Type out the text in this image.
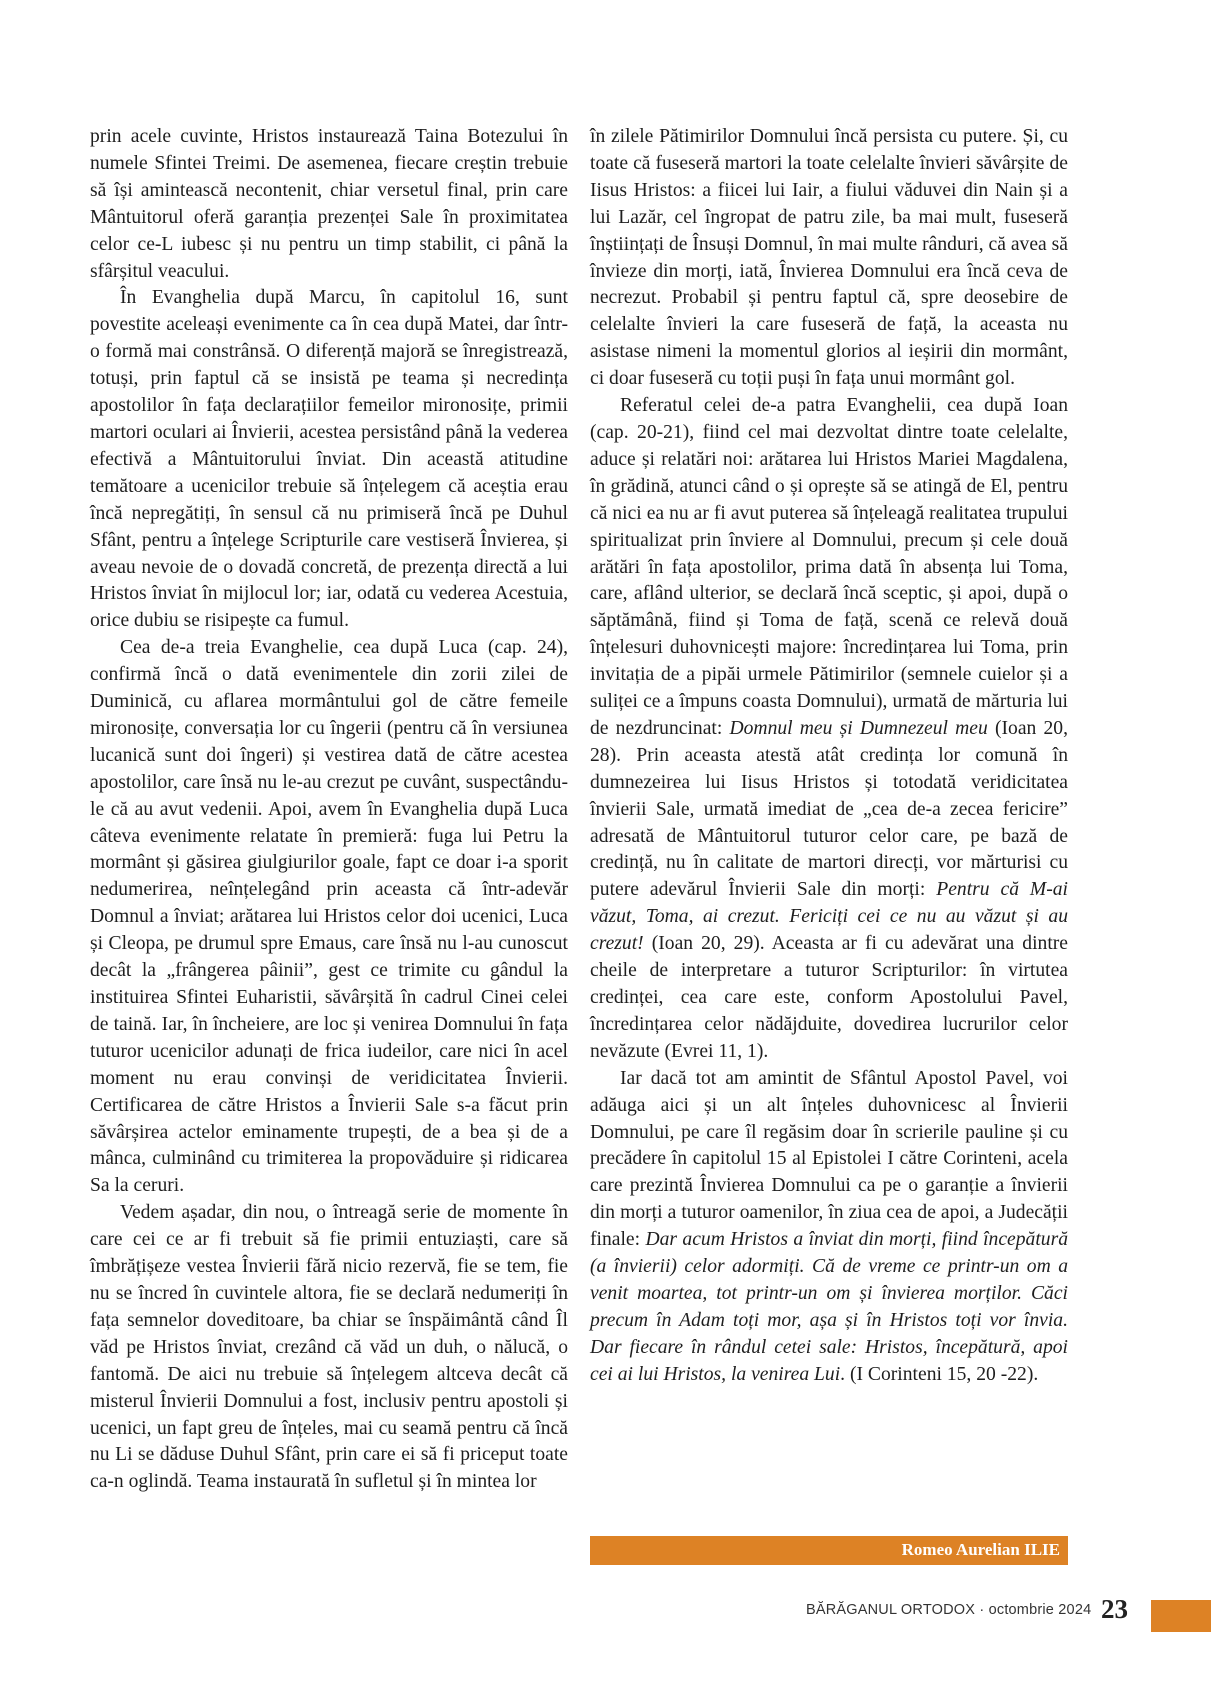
prin acele cuvinte, Hristos instaurează Taina Botezului în numele Sfintei Treimi. De asemenea, fiecare creștin trebuie să își amintească necontenit, chiar versetul final, prin care Mântuitorul oferă garanția prezenței Sale în proximitatea celor ce-L iubesc și nu pentru un timp stabilit, ci până la sfârșitul veacului.

În Evanghelia după Marcu, în capitolul 16, sunt povestite aceleași evenimente ca în cea după Matei, dar într-o formă mai constrânsă. O diferență majoră se înregistrează, totuși, prin faptul că se insistă pe teama și necredința apostolilor în fața declarațiilor femeilor mironosițe, primii martori oculari ai Învierii, acestea persistând până la vederea efectivă a Mântuitorului înviat. Din această atitudine temătoare a ucenicilor trebuie să înțelegem că aceștia erau încă nepregătiți, în sensul că nu primiseră încă pe Duhul Sfânt, pentru a înțelege Scripturile care vestiseră Învierea, și aveau nevoie de o dovadă concretă, de prezența directă a lui Hristos înviat în mijlocul lor; iar, odată cu vederea Acestuia, orice dubiu se risipește ca fumul.

Cea de-a treia Evanghelie, cea după Luca (cap. 24), confirmă încă o dată evenimentele din zorii zilei de Duminică, cu aflarea mormântului gol de către femeile mironosițe, conversația lor cu îngerii (pentru că în versiunea lucanică sunt doi îngeri) și vestirea dată de către acestea apostolilor, care însă nu le-au crezut pe cuvânt, suspectându-le că au avut vedenii. Apoi, avem în Evanghelia după Luca câteva evenimente relatate în premieră: fuga lui Petru la mormânt și găsirea giulgiurilor goale, fapt ce doar i-a sporit nedumerirea, neînțelegând prin aceasta că într-adevăr Domnul a înviat; arătarea lui Hristos celor doi ucenici, Luca și Cleopa, pe drumul spre Emaus, care însă nu l-au cunoscut decât la „frângerea pâinii”, gest ce trimite cu gândul la instituirea Sfintei Euharistii, săvârșită în cadrul Cinei celei de taină. Iar, în încheiere, are loc și venirea Domnului în fața tuturor ucenicilor adunați de frica iudeilor, care nici în acel moment nu erau convinși de veridicitatea Învierii. Certificarea de către Hristos a Învierii Sale s-a făcut prin săvârșirea actelor eminamente trupești, de a bea și de a mânca, culminând cu trimiterea la propovăduire și ridicarea Sa la ceruri.

Vedem așadar, din nou, o întreagă serie de momente în care cei ce ar fi trebuit să fie primii entuziaști, care să îmbrățișeze vestea Învierii fără nicio rezervă, fie se tem, fie nu se încred în cuvintele altora, fie se declară nedumeriți în fața semnelor doveditoare, ba chiar se înspăimântă când Îl văd pe Hristos înviat, crezând că văd un duh, o nălucă, o fantomă. De aici nu trebuie să înțelegem altceva decât că misterul Învierii Domnului a fost, inclusiv pentru apostoli și ucenici, un fapt greu de înțeles, mai cu seamă pentru că încă nu Li se dăduse Duhul Sfânt, prin care ei să fi priceput toate ca-n oglindă. Teama instaurată în sufletul și în mintea lor

în zilele Pătimirilor Domnului încă persista cu putere. Și, cu toate că fuseseră martori la toate celelalte învieri săvârșite de Iisus Hristos: a fiicei lui Iair, a fiului văduvei din Nain și a lui Lazăr, cel îngropat de patru zile, ba mai mult, fuseseră înștiințați de Însuși Domnul, în mai multe rânduri, că avea să învieze din morți, iată, Învierea Domnului era încă ceva de necrezut. Probabil și pentru faptul că, spre deosebire de celelalte învieri la care fuseseră de față, la aceasta nu asistase nimeni la momentul glorios al ieșirii din mormânt, ci doar fuseseră cu toții puși în fața unui mormânt gol.

Referatul celei de-a patra Evanghelii, cea după Ioan (cap. 20-21), fiind cel mai dezvoltat dintre toate celelalte, aduce și relatări noi: arătarea lui Hristos Mariei Magdalena, în grădină, atunci când o și oprește să se atingă de El, pentru că nici ea nu ar fi avut puterea să înțeleagă realitatea trupului spiritualizat prin înviere al Domnului, precum și cele două arătări în fața apostolilor, prima dată în absența lui Toma, care, aflând ulterior, se declară încă sceptic, și apoi, după o săptămână, fiind și Toma de față, scenă ce relevă două înțelesuri duhovnicești majore: încredințarea lui Toma, prin invitația de a pipăi urmele Pătimirilor (semnele cuielor și a suliței ce a împuns coasta Domnului), urmată de mărturia lui de nezdruncinat: Domnul meu și Dumnezeul meu (Ioan 20, 28). Prin aceasta atestă atât credința lor comună în dumnezeirea lui Iisus Hristos și totodată veridicitatea învierii Sale, urmată imediat de „cea de-a zecea fericire” adresată de Mântuitorul tuturor celor care, pe bază de credință, nu în calitate de martori direcți, vor mărturisi cu putere adevărul Învierii Sale din morți: Pentru că M-ai văzut, Toma, ai crezut. Fericiți cei ce nu au văzut și au crezut! (Ioan 20, 29). Aceasta ar fi cu adevărat una dintre cheile de interpretare a tuturor Scripturilor: în virtutea credinței, cea care este, conform Apostolului Pavel, încredințarea celor nădăjduite, dovedirea lucrurilor celor nevăzute (Evrei 11, 1).

Iar dacă tot am amintit de Sfântul Apostol Pavel, voi adăuga aici și un alt înțeles duhovnicesc al Învierii Domnului, pe care îl regăsim doar în scrierile pauline și cu precădere în capitolul 15 al Epistolei I către Corinteni, acela care prezintă Învierea Domnului ca pe o garanție a învierii din morți a tuturor oamenilor, în ziua cea de apoi, a Judecății finale: Dar acum Hristos a înviat din morți, fiind începătură (a învierii) celor adormiți. Că de vreme ce printr-un om a venit moartea, tot printr-un om și învierea morților. Căci precum în Adam toți mor, așa și în Hristos toți vor învia. Dar fiecare în rândul cetei sale: Hristos, începătură, apoi cei ai lui Hristos, la venirea Lui. (I Corinteni 15, 20 -22).

Romeo Aurelian ILIE
BĂRĂGANUL ORTODOX · octombrie 2024 23
